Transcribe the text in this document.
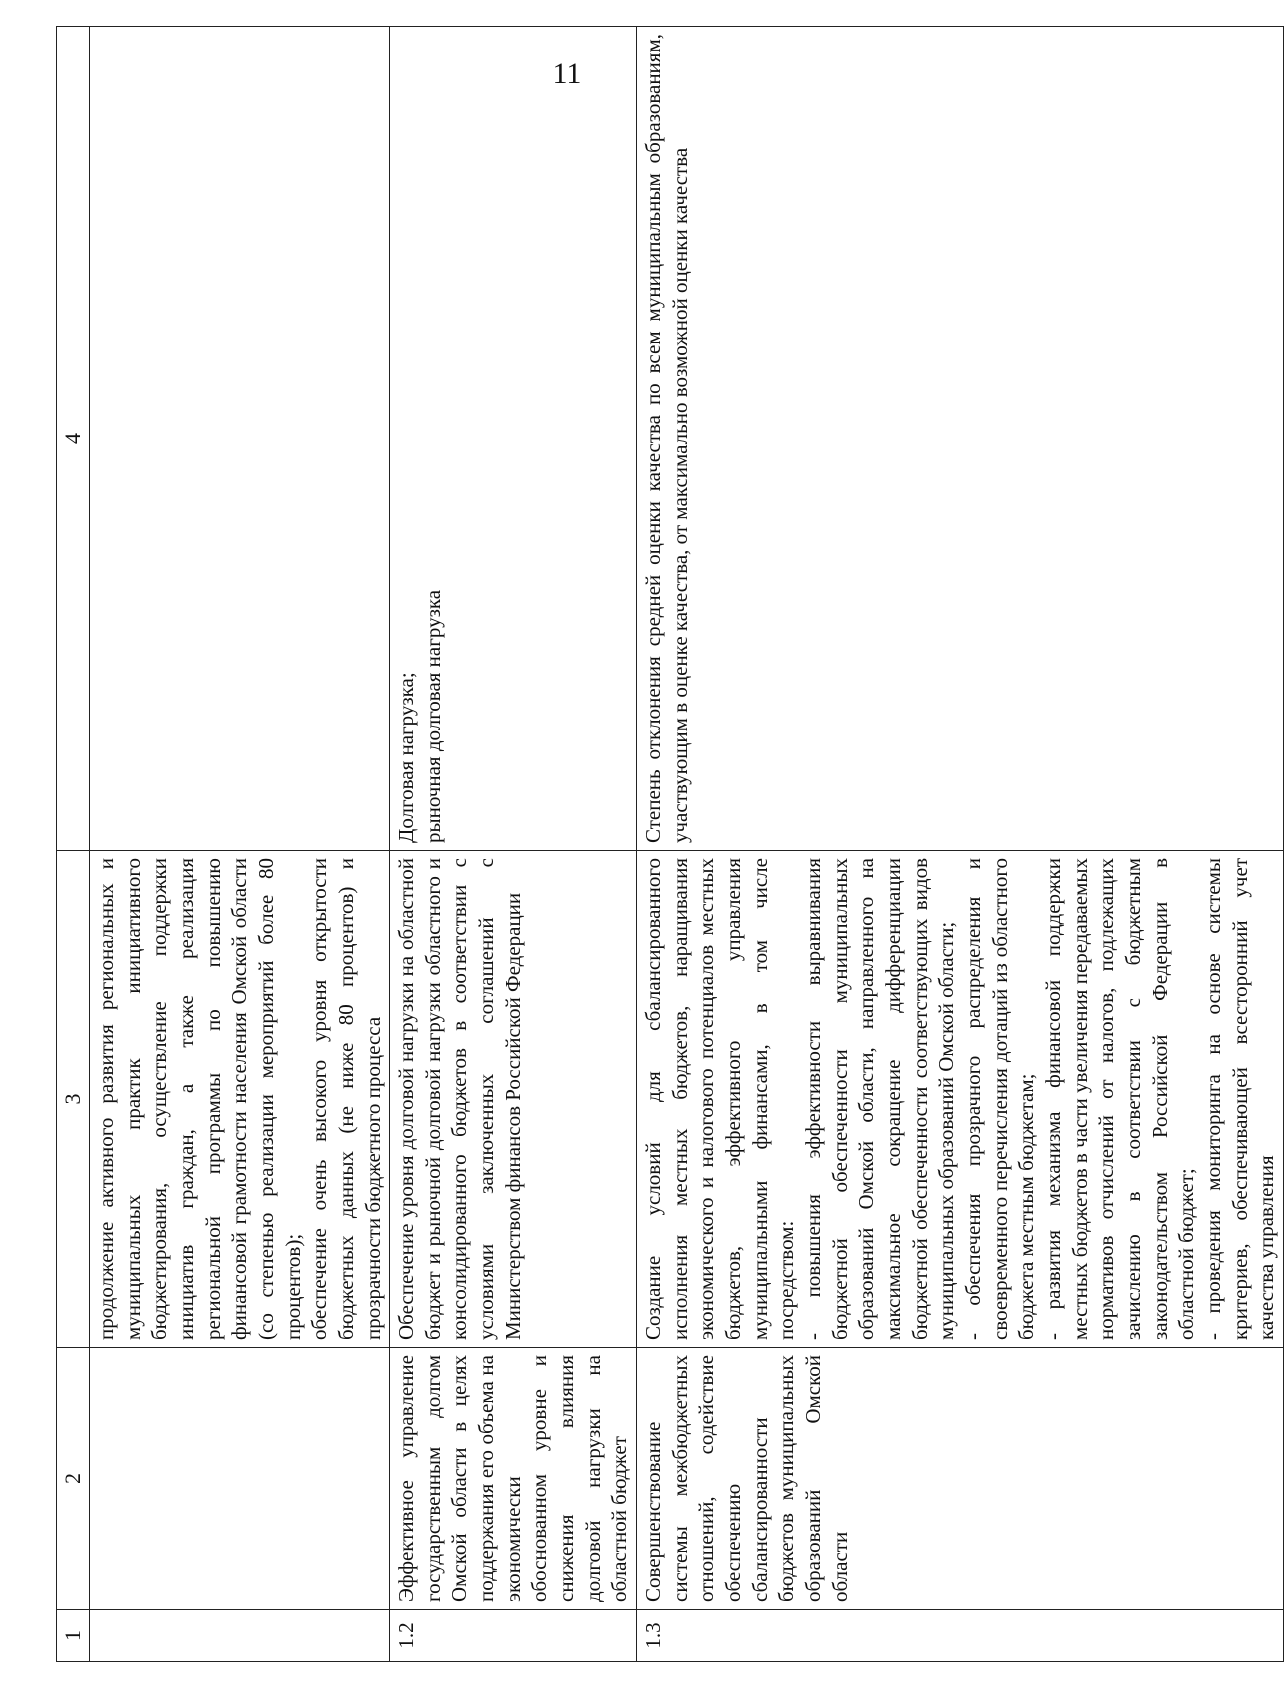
11
1	2	3	4

		продолжение активного развития региональных и муниципальных практик инициативного бюджетирования, осуществление поддержки инициатив граждан, а также реализация региональной программы по повышению финансовой грамотности населения Омской области (со степенью реализации мероприятий более 80 процентов); обеспечение очень высокого уровня открытости бюджетных данных (не ниже 80 процентов) и прозрачности бюджетного процесса	

1.2	Эффективное управление государственным долгом Омской области в целях поддержания его объема на экономически обоснованном уровне и снижения влияния долговой нагрузки на областной бюджет	Обеспечение уровня долговой нагрузки на областной бюджет и рыночной долговой нагрузки областного и консолидированного бюджетов в соответствии с условиями заключенных соглашений с Министерством финансов Российской Федерации	Долговая нагрузка; рыночная долговая нагрузка

1.3	Совершенствование системы межбюджетных отношений, содействие обеспечению сбалансированности бюджетов муниципальных образований Омской области	Создание условий для сбалансированного исполнения местных бюджетов, наращивания экономического и налогового потенциалов местных бюджетов, эффективного управления муниципальными финансами, в том числе посредством: - повышения эффективности выравнивания бюджетной обеспеченности муниципальных образований Омской области, направленного на максимальное сокращение дифференциации бюджетной обеспеченности соответствующих видов муниципальных образований Омской области; - обеспечения прозрачного распределения и своевременного перечисления дотаций из областного бюджета местным бюджетам; - развития механизма финансовой поддержки местных бюджетов в части увеличения передаваемых нормативов отчислений от налогов, подлежащих зачислению в соответствии с бюджетным законодательством Российской Федерации в областной бюджет; - проведения мониторинга на основе системы критериев, обеспечивающей всесторонний учет качества управления	Степень отклонения средней оценки качества по всем муниципальным образованиям, участвующим в оценке качества, от максимально возможной оценки качества
